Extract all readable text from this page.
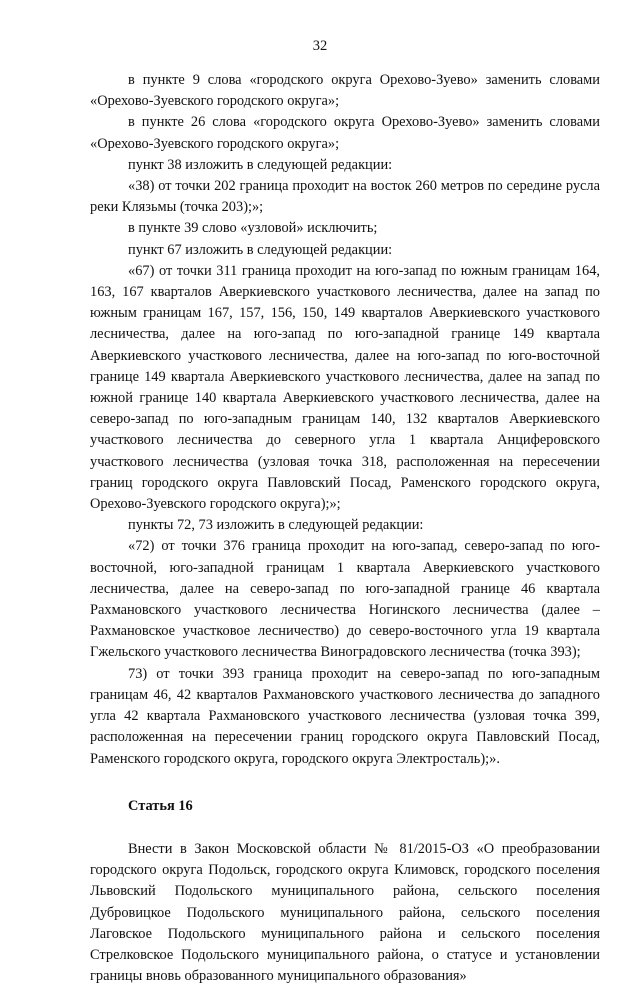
32

в пункте 9 слова «городского округа Орехово-Зуево» заменить словами «Орехово-Зуевского городского округа»;

в пункте 26 слова «городского округа Орехово-Зуево» заменить словами «Орехово-Зуевского городского округа»;

пункт 38 изложить в следующей редакции:

«38) от точки 202 граница проходит на восток 260 метров по середине русла реки Клязьмы (точка 203);»;

в пункте 39 слово «узловой» исключить;

пункт 67 изложить в следующей редакции:

«67) от точки 311 граница проходит на юго-запад по южным границам 164, 163, 167 кварталов Аверкиевского участкового лесничества, далее на запад по южным границам 167, 157, 156, 150, 149 кварталов Аверкиевского участкового лесничества, далее на юго-запад по юго-западной границе 149 квартала Аверкиевского участкового лесничества, далее на юго-запад по юго-восточной границе 149 квартала Аверкиевского участкового лесничества, далее на запад по южной границе 140 квартала Аверкиевского участкового лесничества, далее на северо-запад по юго-западным границам 140, 132 кварталов Аверкиевского участкового лесничества до северного угла 1 квартала Анциферовского участкового лесничества (узловая точка 318, расположенная на пересечении границ городского округа Павловский Посад, Раменского городского округа, Орехово-Зуевского городского округа);»;

пункты 72, 73 изложить в следующей редакции:

«72) от точки 376 граница проходит на юго-запад, северо-запад по юго-восточной, юго-западной границам 1 квартала Аверкиевского участкового лесничества, далее на северо-запад по юго-западной границе 46 квартала Рахмановского участкового лесничества Ногинского лесничества (далее – Рахмановское участковое лесничество) до северо-восточного угла 19 квартала Гжельского участкового лесничества Виноградовского лесничества (точка 393);

73) от точки 393 граница проходит на северо-запад по юго-западным границам 46, 42 кварталов Рахмановского участкового лесничества до западного угла 42 квартала Рахмановского участкового лесничества (узловая точка 399, расположенная на пересечении границ городского округа Павловский Посад, Раменского городского округа, городского округа Электросталь);».

Статья 16

Внести в Закон Московской области № 81/2015-ОЗ «О преобразовании городского округа Подольск, городского округа Климовск, городского поселения Львовский Подольского муниципального района, сельского поселения Дубровицкое Подольского муниципального района, сельского поселения Лаговское Подольского муниципального района и сельского поселения Стрелковское Подольского муниципального района, о статусе и установлении границы вновь образованного муниципального образования»
